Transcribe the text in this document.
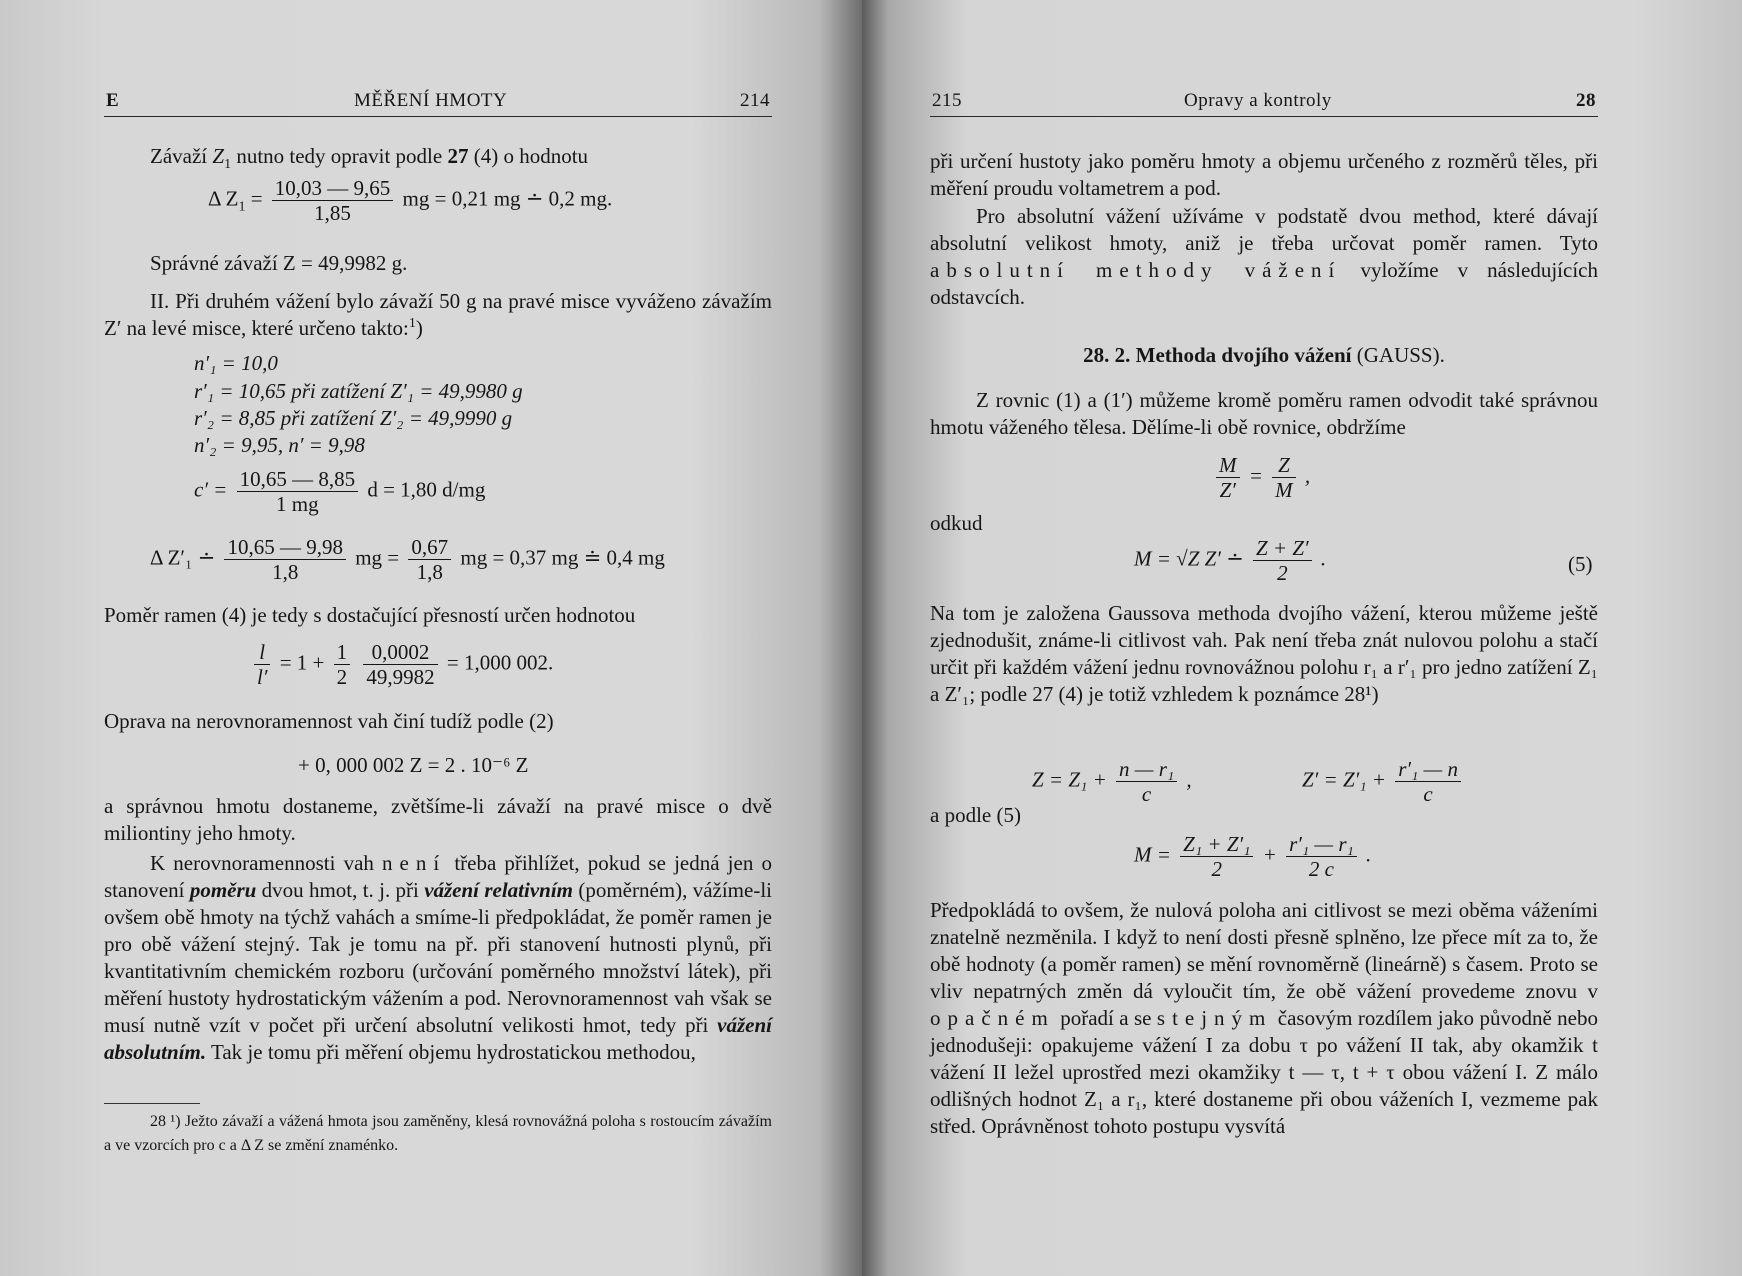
E	MĚŘENÍ HMOTY	214
Závaží $Z_1$ nutno tedy opravit podle 27 (4) o hodnotu
Δ $Z_1 = \frac{10,03 — 9,65}{1,85}$ mg = 0,21 mg ∸ 0,2 mg.
Správné závaží Z = 49,9982 g.
II. Při druhém vážení bylo závaží 50 g na pravé misce vyváženo závažím Z′ na levé misce, které určeno takto:$^1$)
n′₁ = 10,0
r′₁ = 10,65 při zatížení Z′₁ = 49,9980 g
r′₂ = 8,85 při zatížení Z′₂ = 49,9990 g
n′₂ = 9,95, n′ = 9,98
$c' = \frac{10,65 — 8,85}{1 mg}$ d = 1,80 d/mg
Δ Z′₁ ∸ $\frac{10,65 — 9,98}{1,8}$ mg = $\frac{0,67}{1,8}$ mg = 0,37 mg ≐ 0,4 mg
Poměr ramen (4) je tedy s dostačující přesností určen hodnotou
$\frac{l}{l'} = 1 + \frac{1}{2}$
$\frac{0,0002}{49,9982} = 1,000$ 002.
Oprava na nerovnoramennost vah činí tudíž podle (2)
+ 0, 000 002 Z = 2 . 10⁻⁶ Z
a správnou hmotu dostaneme, zvětšíme-li závaží na pravé misce o dvě miliontiny jeho hmoty.
K nerovnoramennosti vah není třeba přihlížet, pokud se jedná jen o stanovení poměru dvou hmot, t. j. při vážení relativním (poměrném), vážíme-li ovšem obě hmoty na týchž vahách a smíme-li předpokládat, že poměr ramen je pro obě vážení stejný. Tak je tomu na př. při stanovení hutnosti plynů, při kvantitativním chemickém rozboru (určování poměrného množství látek), při měření hustoty hydrostatickým vážením a pod. Nerovnoramennost vah však se musí nutně vzít v počet při určení absolutní velikosti hmot, tedy při vážení absolutním. Tak je tomu při měření objemu hydrostatickou methodou,
28 ¹) Ježto závaží a vážená hmota jsou zaměněny, klesá rovnovážná poloha s rostoucím závažím a ve vzorcích pro c a Δ Z se změní znaménko.
215	Opravy a kontroly	28
při určení hustoty jako poměru hmoty a objemu určeného z rozměrů těles, při měření proudu voltametrem a pod.
Pro absolutní vážení užíváme v podstatě dvou method, které dávají absolutní velikost hmoty, aniž je třeba určovat poměr ramen. Tyto absolutní methody vážení vyložíme v následujících odstavcích.
28. 2. Methoda dvojího vážení (GAUSS).
Z rovnic (1) a (1′) můžeme kromě poměru ramen odvodit také správnou hmotu váženého tělesa. Dělíme-li obě rovnice, obdržíme
$\frac{M}{Z'} = \frac{Z}{M}$ ,
odkud
M = √Z Z′ ∸ $\frac{Z + Z'}{2}$ .	(5)
Na tom je založena Gaussova methoda dvojího vážení, kterou můžeme ještě zjednodušit, známe-li citlivost vah. Pak není třeba znát nulovou polohu a stačí určit při každém vážení jednu rovnovážnou polohu r₁ a r′₁ pro jedno zatížení Z₁ a Z′₁; podle 27 (4) je totiž vzhledem k poznámce 28¹)
$Z = Z_1 + \frac{\text{n — r₁}}{c}$ ,	$Z' = Z'_1 + \frac{\text{r′₁ — n}}{c}$
a podle (5)
$M = \frac{\text{Z₁ + Z′₁}}{2} + \frac{\text{r′₁ — r₁}}{2 c}$ .
Předpokládá to ovšem, že nulová poloha ani citlivost se mezi oběma váženími znatelně nezměnila. I když to není dosti přesně splněno, lze přece mít za to, že obě hodnoty (a poměr ramen) se mění rovnoměrně (lineárně) s časem. Proto se vliv nepatrných změn dá vyloučit tím, že obě vážení provedeme znovu v opačném pořadí a se stejným časovým rozdílem jako původně nebo jednodušeji: opakujeme vážení I za dobu τ po vážení II tak, aby okamžik t vážení II ležel uprostřed mezi okamžiky t — τ, t + τ obou vážení I. Z málo odlišných hodnot Z₁ a r₁, které dostaneme při obou váženích I, vezmeme pak střed. Oprávněnost tohoto postupu vysvítá
